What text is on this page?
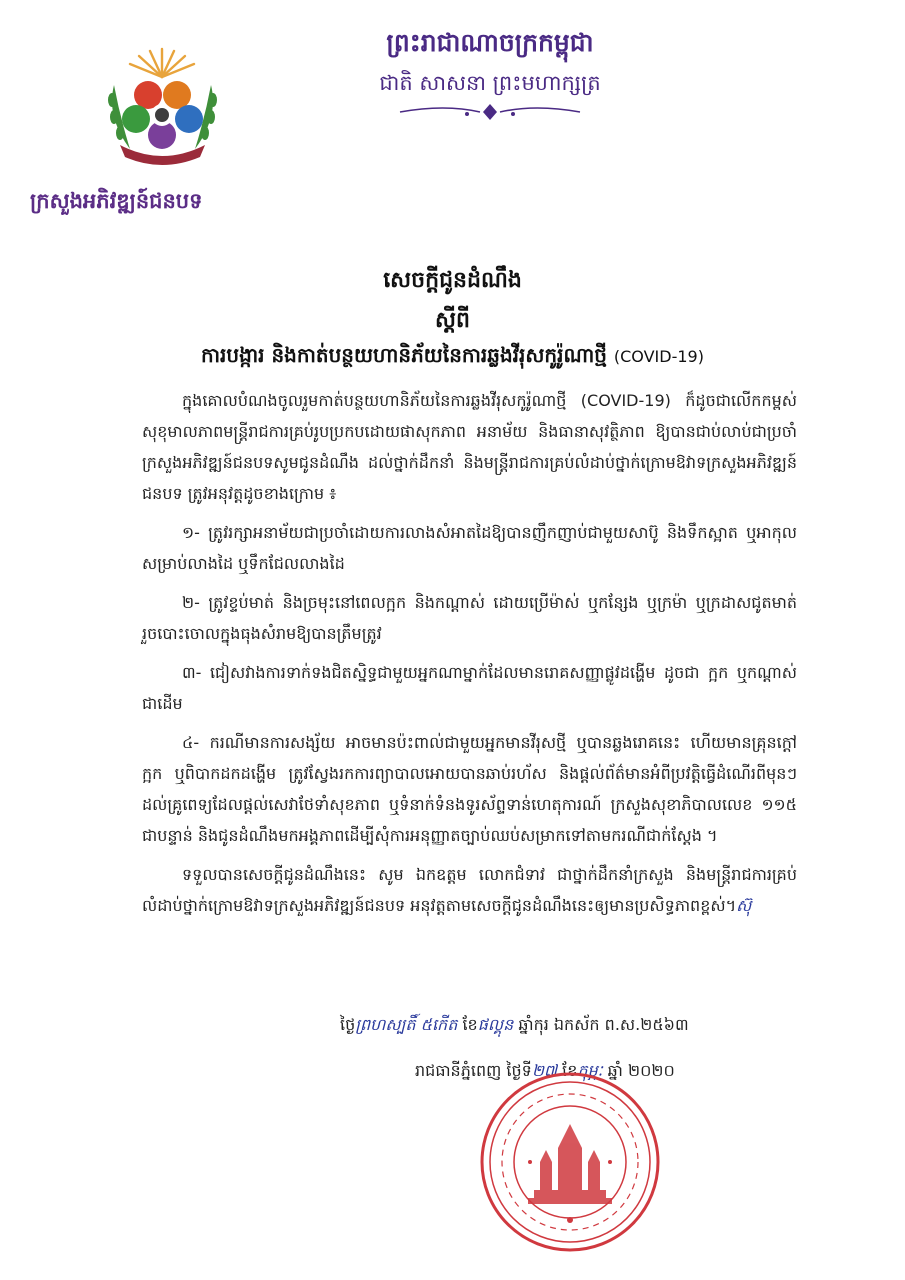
ក្រសួងអភិវឌ្ឍន៍ជនបទ
ព្រះរាជាណាចក្រកម្ពុជា
ជាតិ សាសនា ព្រះមហាក្សត្រ
សេចក្តីជូនដំណឹង
ស្តីពី
ការបង្ការ និងកាត់បន្ថយហានិភ័យនៃការឆ្លងវីរុសកូរ៉ូណាថ្មី (COVID-19)

ក្នុងគោលបំណងចូលរួមកាត់បន្ថយហានិភ័យនៃការឆ្លងវីរុសកូរ៉ូណាថ្មី (COVID-19) ក៏ដូចជាលើកកម្ពស់សុខុមាលភាពមន្ត្រីរាជការគ្រប់រូបប្រកបដោយផាសុកភាព អនាម័យ និងធានាសុវត្ថិភាព ឱ្យបានជាប់លាប់ជាប្រចាំ ក្រសួងអភិវឌ្ឍន៍ជនបទសូមជូនដំណឹង ដល់ថ្នាក់ដឹកនាំ និងមន្ត្រីរាជការគ្រប់លំដាប់ថ្នាក់ក្រោមឱវាទក្រសួងអភិវឌ្ឍន៍ជនបទ ត្រូវអនុវត្តដូចខាងក្រោម ៖

១- ត្រូវរក្សាអនាម័យជាប្រចាំដោយការលាងសំអាតដៃឱ្យបានញឹកញាប់ជាមួយសាប៊ូ និងទឹកស្អាត ឬអាកុលសម្រាប់លាងដៃ ឬទឹកជែលលាងដៃ

២- ត្រូវខ្ទប់មាត់ និងច្រមុះនៅពេលក្អក និងកណ្តាស់ ដោយប្រើម៉ាស់ ឬកន្សែង ឬក្រម៉ា ឬក្រដាសជូតមាត់ រួចបោះចោលក្នុងធុងសំរាមឱ្យបានត្រឹមត្រូវ

៣- ជៀសវាងការទាក់ទងជិតស្និទ្ធជាមួយអ្នកណាម្នាក់ដែលមានរោគសញ្ញាផ្លូវដង្ហើម ដូចជា ក្អក ឬកណ្តាស់ ជាដើម

៤- ករណីមានការសង្ស័យ អាចមានប៉ះពាល់ជាមួយអ្នកមានវីរុសថ្មី ឬបានឆ្លងរោគនេះ ហើយមានគ្រុនក្តៅ ក្អក ឬពិបាកដកដង្ហើម ត្រូវស្វែងរកការព្យាបាលអោយបានឆាប់រហ័ស និងផ្តល់ព័ត៌មានអំពីប្រវត្តិធ្វើដំណើរពីមុនៗដល់គ្រូពេទ្យដែលផ្តល់សេវាថែទាំសុខភាព ឬទំនាក់ទំនងទូរស័ព្ទទាន់ហេតុការណ៍ ក្រសួងសុខាភិបាលលេខ ១១៥ ជាបន្ទាន់ និងជូនដំណឹងមកអង្គភាពដើម្បីសុំការអនុញ្ញាតច្បាប់ឈប់សម្រាកទៅតាមករណីជាក់ស្តែង ។

ទទួលបានសេចក្តីជូនដំណឹងនេះ សូម ឯកឧត្តម លោកជំទាវ ជាថ្នាក់ដឹកនាំក្រសួង និងមន្ត្រីរាជការគ្រប់លំដាប់ថ្នាក់ក្រោមឱវាទក្រសួងអភិវឌ្ឍន៍ជនបទ អនុវត្តតាមសេចក្តីជូនដំណឹងនេះឲ្យមានប្រសិទ្ធភាពខ្ពស់។ស៊ុ

ថ្ងៃព្រហស្បតិ៍ ៥កើត ខែផល្គុន ឆ្នាំកុរ ឯកស័ក ព.ស.២៥៦៣
រាជធានីភ្នំពេញ ថ្ងៃទី២៧ ខែកុម្ភៈ ឆ្នាំ ២០២០
